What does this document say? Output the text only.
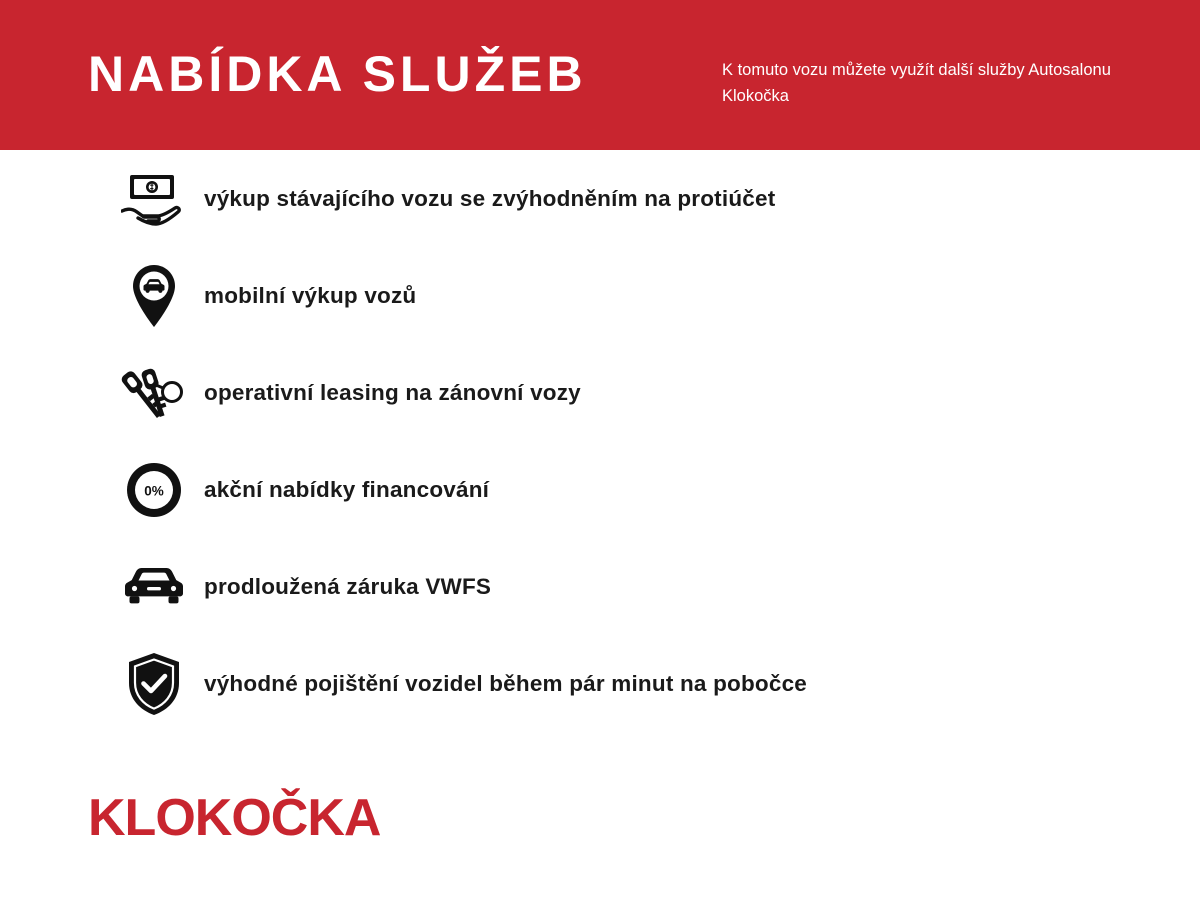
NABÍDKA SLUŽEB	K tomuto vozu můžete využít další služby Autosalonu Klokočka
výkup stávajícího vozu se zvýhodněním na protiúčet
mobilní výkup vozů
operativní leasing na zánovní vozy
0% akční nabídky financování
prodloužená záruka VWFS
výhodné pojištění vozidel během pár minut na pobočce
KLOKOČKA
